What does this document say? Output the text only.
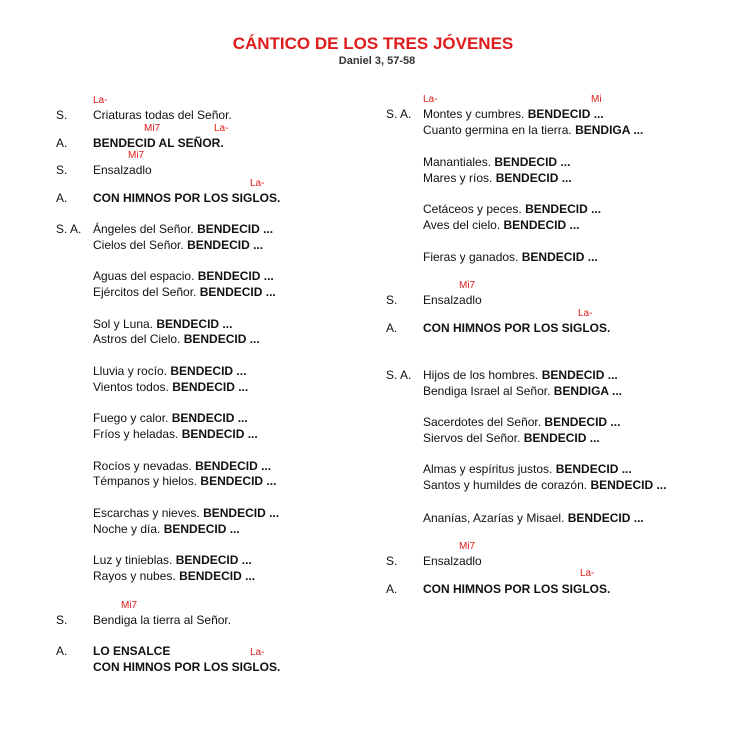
CÁNTICO DE LOS TRES JÓVENES
Daniel 3, 57-58
La-
S. Criaturas todas del Señor.
Mi7	La-
A. BENDECID AL SEÑOR.
Mi7
S. Ensalzadlo
La-
A. CON HIMNOS POR LOS SIGLOS.
S. A. Ángeles del Señor. BENDECID ...
Cielos del Señor. BENDECID ...
Aguas del espacio. BENDECID ...
Ejércitos del Señor. BENDECID ...
Sol y Luna. BENDECID ...
Astros del Cielo. BENDECID ...
Lluvia y rocío. BENDECID ...
Vientos todos. BENDECID ...
Fuego y calor. BENDECID ...
Fríos y heladas. BENDECID ...
Rocíos y nevadas. BENDECID ...
Témpanos y hielos. BENDECID ...
Escarchas y nieves. BENDECID ...
Noche y día. BENDECID ...
Luz y tinieblas. BENDECID ...
Rayos y nubes. BENDECID ...
Mi7
S. Bendiga la tierra al Señor.
La-
A. LO ENSALCE
CON HIMNOS POR LOS SIGLOS.
La-	Mi
S. A. Montes y cumbres. BENDECID ...
Cuanto germina en la tierra. BENDIGA ...
Manantiales. BENDECID ...
Mares y ríos. BENDECID ...
Cetáceos y peces. BENDECID ...
Aves del cielo. BENDECID ...
Fieras y ganados. BENDECID ...
Mi7
S. Ensalzadlo
La-
A. CON HIMNOS POR LOS SIGLOS.
S. A. Hijos de los hombres. BENDECID ...
Bendiga Israel al Señor. BENDIGA ...
Sacerdotes del Señor. BENDECID ...
Siervos del Señor. BENDECID ...
Almas y espíritus justos. BENDECID ...
Santos y humildes de corazón. BENDECID ...
Ananías, Azarías y Misael. BENDECID ...
Mi7
S. Ensalzadlo
La-
A. CON HIMNOS POR LOS SIGLOS.
